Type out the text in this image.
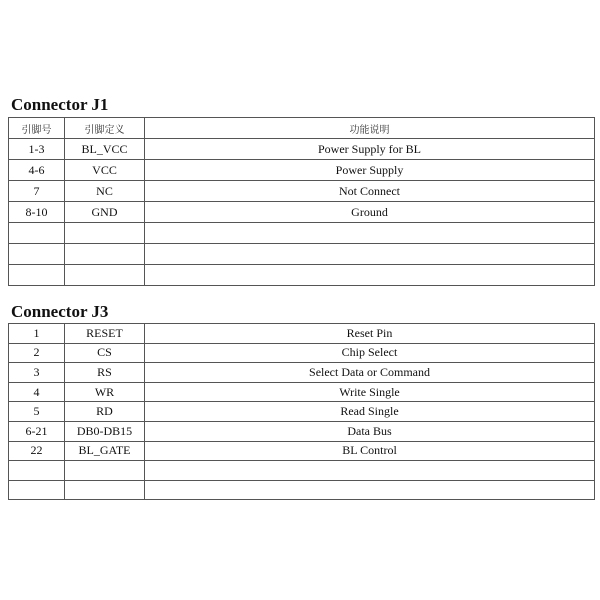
Connector J1
引脚号	引脚定义	功能说明
1-3	BL_VCC	Power Supply for BL
4-6	VCC	Power Supply
7	NC	Not Connect
8-10	GND	Ground

Connector J3
1	RESET	Reset Pin
2	CS	Chip Select
3	RS	Select Data or Command
4	WR	Write Single
5	RD	Read Single
6-21	DB0-DB15	Data Bus
22	BL_GATE	BL Control
